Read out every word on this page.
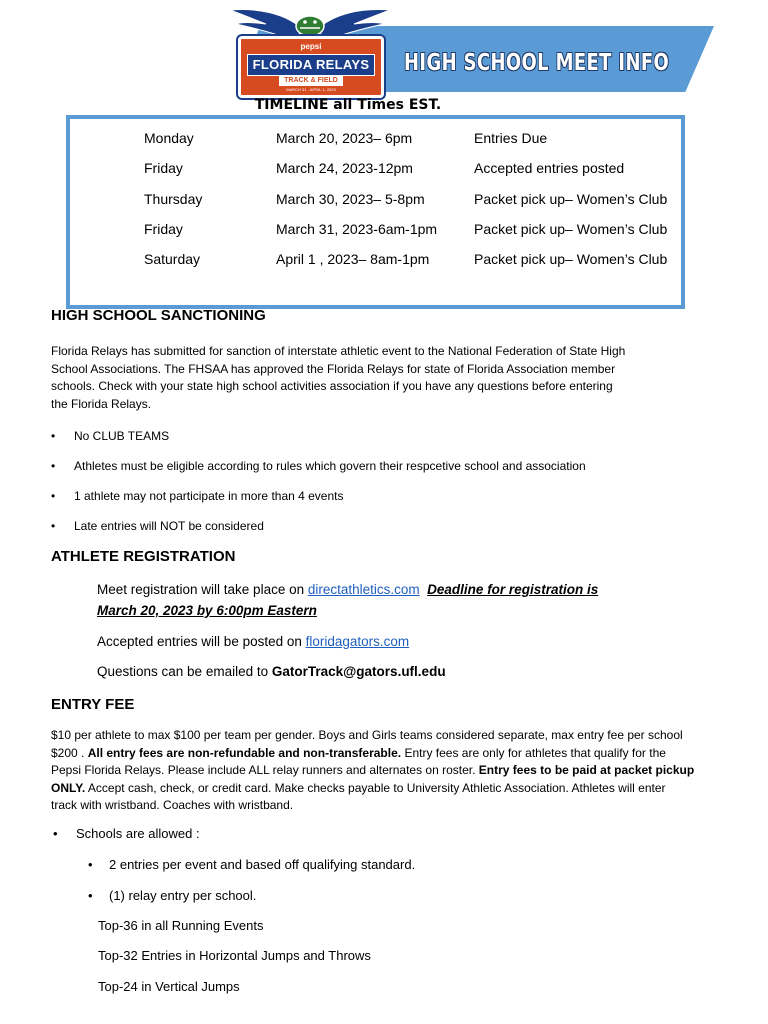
HIGH SCHOOL MEET INFO
pepsi
FLORIDA RELAYS
TRACK & FIELD
MARCH 31 - APRIL 1, 2023
TIMELINE all Times EST.
Monday	March 20, 2023– 6pm	Entries Due
Friday	March 24, 2023-12pm	Accepted entries posted
Thursday	March 30, 2023– 5-8pm	Packet pick up– Women’s Club
Friday	March 31, 2023-6am-1pm	Packet pick up– Women’s Club
Saturday	April 1 , 2023– 8am-1pm	Packet pick up– Women’s Club
HIGH SCHOOL SANCTIONING
Florida Relays has submitted for sanction of interstate athletic event to the National Federation of State High
School Associations. The FHSAA has approved the Florida Relays for state of Florida Association member
schools. Check with your state high school activities association if you have any questions before entering
the Florida Relays.
• No CLUB TEAMS
• Athletes must be eligible according to rules which govern their respcetive school and association
• 1 athlete may not participate in more than 4 events
• Late entries will NOT be considered
ATHLETE REGISTRATION
Meet registration will take place on directathletics.com Deadline for registration is
March 20, 2023 by 6:00pm Eastern
Accepted entries will be posted on floridagators.com
Questions can be emailed to GatorTrack@gators.ufl.edu
ENTRY FEE
$10 per athlete to max $100 per team per gender. Boys and Girls teams considered separate, max entry fee per school
$200 . All entry fees are non-refundable and non-transferable. Entry fees are only for athletes that qualify for the
Pepsi Florida Relays. Please include ALL relay runners and alternates on roster. Entry fees to be paid at packet pickup
ONLY. Accept cash, check, or credit card. Make checks payable to University Athletic Association. Athletes will enter
track with wristband. Coaches with wristband.
• Schools are allowed :
• 2 entries per event and based off qualifying standard.
• (1) relay entry per school.
Top-36 in all Running Events
Top-32 Entries in Horizontal Jumps and Throws
Top-24 in Vertical Jumps
